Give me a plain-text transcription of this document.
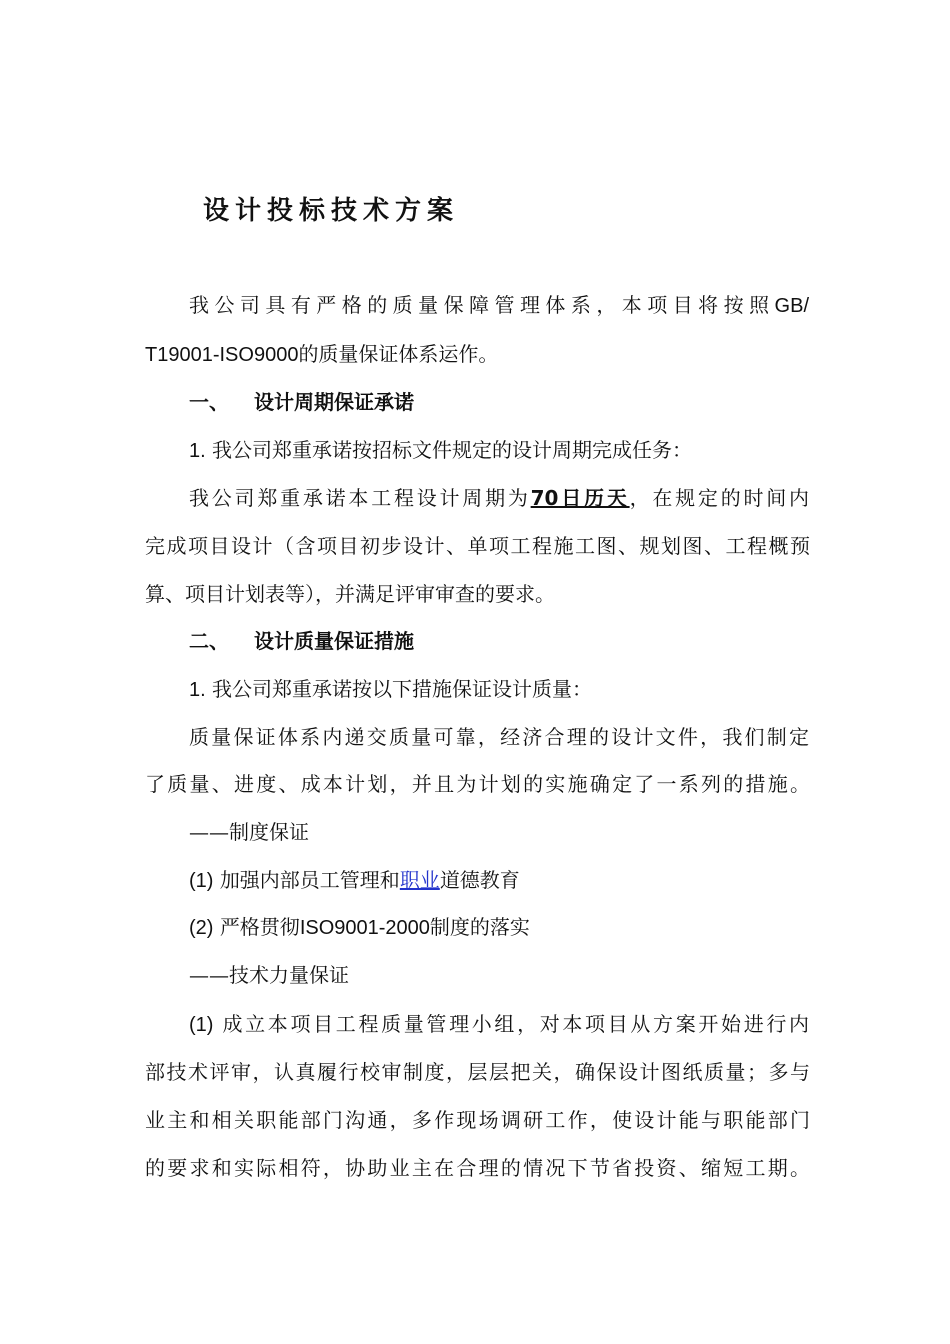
设计投标技术方案
我公司具有严格的质量保障管理体系，本项目将按照GB/
T19001-ISO9000的质量保证体系运作。
一、 设计周期保证承诺
1. 我公司郑重承诺按招标文件规定的设计周期完成任务：
我公司郑重承诺本工程设计周期为70日历天，在规定的时间内
完成项目设计（含项目初步设计、单项工程施工图、规划图、工程概预
算、项目计划表等），并满足评审审查的要求。
二、 设计质量保证措施
1. 我公司郑重承诺按以下措施保证设计质量：
质量保证体系内递交质量可靠，经济合理的设计文件，我们制定
了质量、进度、成本计划，并且为计划的实施确定了一系列的措施。
——制度保证
(1) 加强内部员工管理和职业道德教育
(2) 严格贯彻ISO9001-2000制度的落实
——技术力量保证
(1) 成立本项目工程质量管理小组，对本项目从方案开始进行内
部技术评审，认真履行校审制度，层层把关，确保设计图纸质量；多与
业主和相关职能部门沟通，多作现场调研工作，使设计能与职能部门
的要求和实际相符，协助业主在合理的情况下节省投资、缩短工期。
